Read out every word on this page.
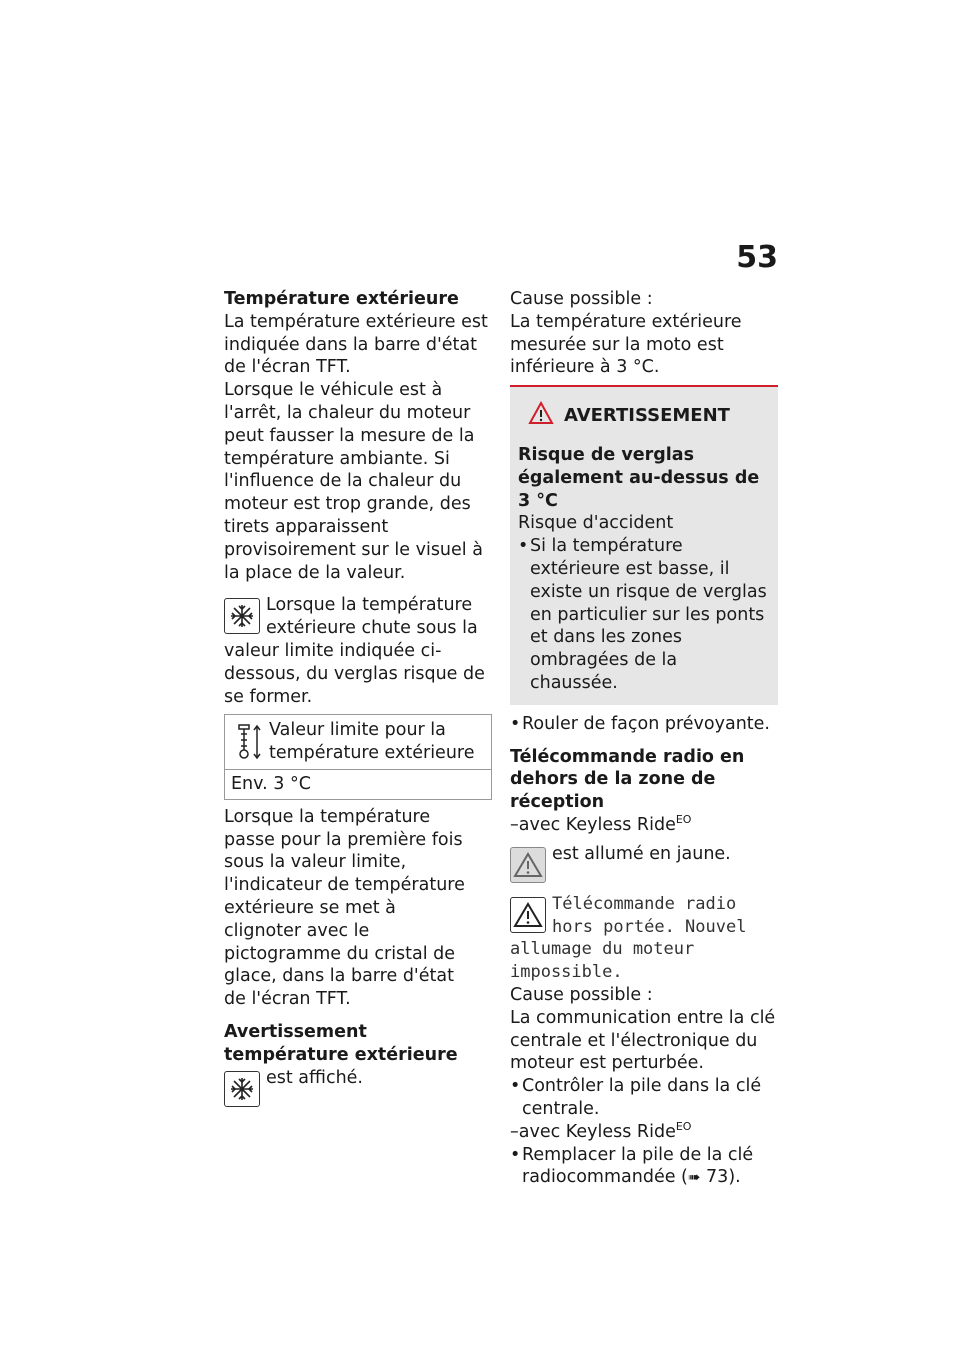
53

Température extérieure

La température extérieure est indiquée dans la barre d'état de l'écran TFT.

Lorsque le véhicule est à l'arrêt, la chaleur du moteur peut fausser la mesure de la température ambiante. Si l'influence de la chaleur du moteur est trop grande, des tirets apparaissent provisoirement sur le visuel à la place de la valeur.

Lorsque la température extérieure chute sous la valeur limite indiquée ci-dessous, du verglas risque de se former.

Valeur limite pour la température extérieure
Env. 3 °C

Lorsque la température passe pour la première fois sous la valeur limite, l'indicateur de température extérieure se met à clignoter avec le pictogramme du cristal de glace, dans la barre d'état de l'écran TFT.

Avertissement température extérieure

est affiché.

Cause possible :

La température extérieure mesurée sur la moto est inférieure à 3 °C.

AVERTISSEMENT

Risque de verglas également au-dessus de 3 °C

Risque d'accident

• Si la température extérieure est basse, il existe un risque de verglas en particulier sur les ponts et dans les zones ombragées de la chaussée.

• Rouler de façon prévoyante.

Télécommande radio en dehors de la zone de réception

–avec Keyless Ride$^{EO}$

est allumé en jaune.

Télécommande radio hors portée. Nouvel allumage du moteur impossible.

Cause possible :

La communication entre la clé centrale et l'électronique du moteur est perturbée.

• Contrôler la pile dans la clé centrale.

–avec Keyless Ride$^{EO}$

• Remplacer la pile de la clé radiocommandée (➠ 73).
